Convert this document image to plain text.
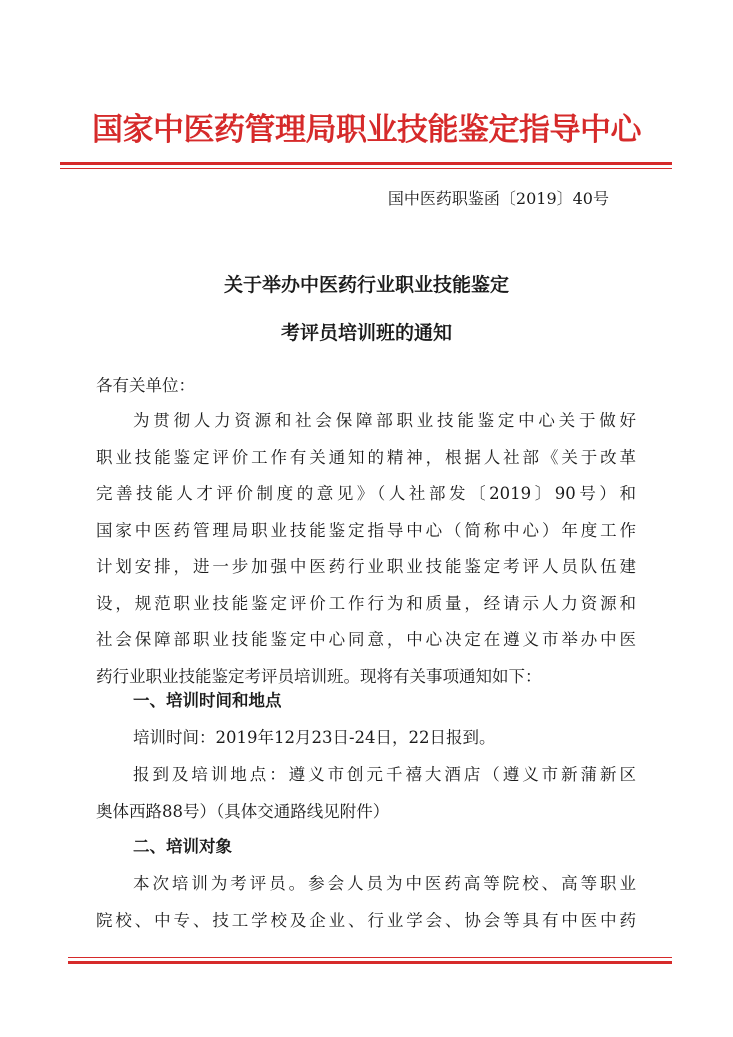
国家中医药管理局职业技能鉴定指导中心
国中医药职鉴函〔2019〕40号
关于举办中医药行业职业技能鉴定
考评员培训班的通知
各有关单位：
为贯彻人力资源和社会保障部职业技能鉴定中心关于做好
职业技能鉴定评价工作有关通知的精神，根据人社部《关于改革
完善技能人才评价制度的意见》（人社部发〔2019〕90号）和
国家中医药管理局职业技能鉴定指导中心（简称中心）年度工作
计划安排，进一步加强中医药行业职业技能鉴定考评人员队伍建
设，规范职业技能鉴定评价工作行为和质量，经请示人力资源和
社会保障部职业技能鉴定中心同意，中心决定在遵义市举办中医
药行业职业技能鉴定考评员培训班。现将有关事项通知如下：
一、培训时间和地点
培训时间：2019年12月23日-24日，22日报到。
报到及培训地点：遵义市创元千禧大酒店（遵义市新蒲新区
奥体西路88号）（具体交通路线见附件）
二、培训对象
本次培训为考评员。参会人员为中医药高等院校、高等职业
院校、中专、技工学校及企业、行业学会、协会等具有中医中药
